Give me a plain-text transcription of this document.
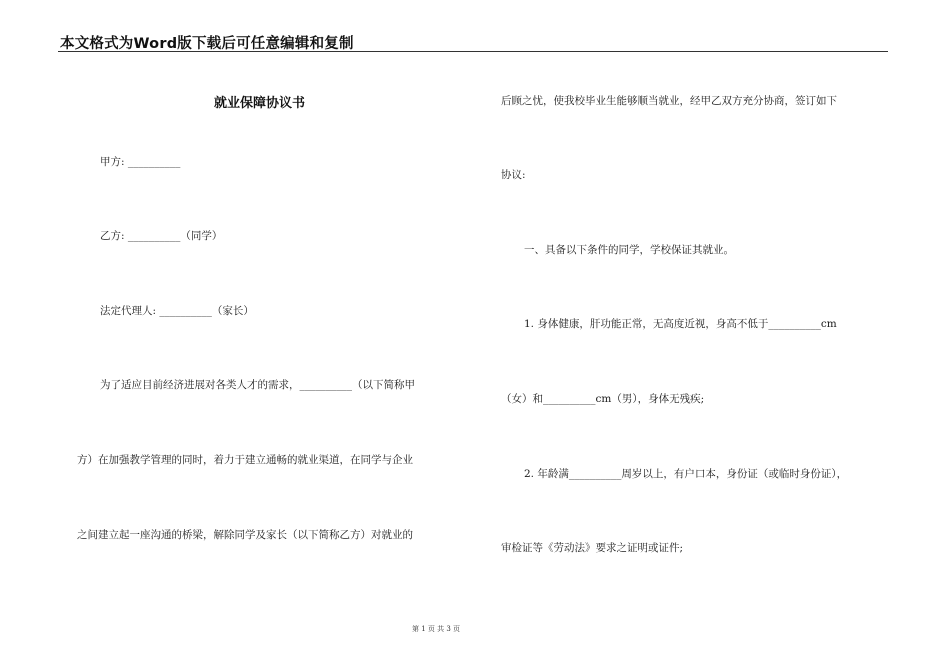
本文格式为Word版下载后可任意编辑和复制
就业保障协议书
甲方: __________
乙方: __________（同学）
法定代理人: __________（家长）
为了适应目前经济进展对各类人才的需求，__________（以下简称甲
方）在加强教学管理的同时，着力于建立通畅的就业渠道，在同学与企业
之间建立起一座沟通的桥梁，解除同学及家长（以下简称乙方）对就业的
后顾之忧，使我校毕业生能够顺当就业，经甲乙双方充分协商，签订如下
协议:
一、具备以下条件的同学，学校保证其就业。
1. 身体健康，肝功能正常，无高度近视，身高不低于__________cm
（女）和__________cm（男），身体无残疾;
2. 年龄满__________周岁以上，有户口本，身份证（或临时身份证），
审检证等《劳动法》要求之证明或证件;
第 1 页 共 3 页
